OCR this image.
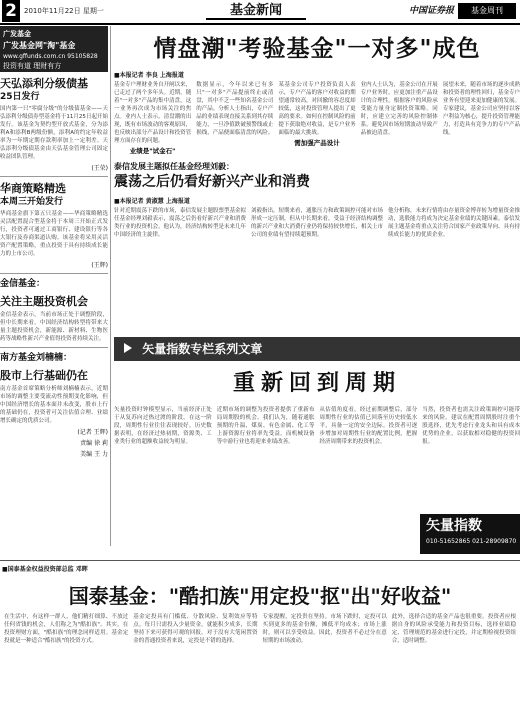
2	2010年11月22日 星期一	基金新闻	中国证券报	基金周刊
广发基金
广发基金网"淘"基金
www.gffunds.com.cn 95105828
投资有道 理财有方
天弘添利分级债基
25日发行
国内第一只"零腐分级"的分级债基金——天弘添利分级债券型基金将于11月25日起开始发行。该基金为契约型开放式基金，分为添利A和添利B两级份额，添利A的约定年收益率为一年期定期存款利率加上一定利差。天弘添利分级债基金由天弘基金管理公司固定收益团队管理。
(王荣)
华商策略精选
本周三开始发行
华商基金旗下第五只基金——华商策略精选灵活配置混合型基金将于本周三开始正式发行，投资者可通过工商银行、建设银行等各大银行及券商渠道认购。该基金将采用灵活资产配置策略，重点投资于具有持续成长能力的上市公司。
(王辉)
金信基金：
关注主题投资机会
金信基金表示，当前市场正处于调整阶段，但中长期来看，中国经济结构转型将带来大量主题投资机会，新能源、新材料、生物医药等战略性新兴产业值得投资者持续关注。
南方基金刘楠楠：
股市上行基础仍在
南方基金首席策略分析师刘楠楠表示，近期市场的调整主要受流动性预期变化影响，但中国经济增长的基本面并未改变，股市上行的基础仍在，投资者可关注估值合理、业绩增长确定的优质公司。
(记者 王辉)
责编 徐 莉
美编 王 力
情盘潮"考验基金"一对多"成色
■本报记者 李良 上海报道
基金专户理财业务自开闸以来，已走过了两个多年头。近期，随着"一对多"产品的集中清盘，这一业务再次成为市场关注的焦点。业内人士表示，清盘潮的出现，既有市场波动的客观原因，也反映出部分产品设计和投资管理方面存在的问题。
业绩是"试金石"
数据显示，今年以来已有多只"一对多"产品提前终止或清盘，其中不乏一些知名基金公司的产品。分析人士指出，专户产品的业绩表现直接关系到其存续能力，一旦净值跌破预警线或止损线，产品便面临清盘的风险。
某基金公司专户投资负责人表示，专户产品的客户对收益的期望通常较高，对回撤的容忍度却较低，这对投资管理人提出了更高的要求。如何在控制风险的前提下获取绝对收益，是专户业务面临的最大挑战。
需加强产品设计
业内人士认为，基金公司在开展专户业务时，应更加注重产品设计的合理性，根据客户的风险承受能力量身定制投资策略。同时，应建立完善的风险控制体系，避免因市场短期波动导致产品被迫清盘。
展望未来，随着市场的逐步成熟和投资者的理性回归，基金专户业务有望迎来更加健康的发展。专家建议，基金公司应坚持以客户利益为核心，提升投资管理能力，打造具有竞争力的专户产品线。
泰信发展主题拟任基金经理刘毅：
震荡之后仍看好新兴产业和消费
■本报记者 黄淑慧 上海报道
针对近期震荡下跌的市场，泰信发展主题股票型基金拟任基金经理刘毅表示，震荡之后仍看好新兴产业和消费类行业的投资机会。他认为，经济结构转型是未来几年中国经济的主旋律。
刘毅指出，短期来看，通胀压力和政策调控可能对市场形成一定压制，但从中长期来看，受益于经济结构调整的新兴产业和大消费行业仍将保持较快增长，相关上市公司的业绩有望持续超预期。
他分析称，未来行情将由存量资金博弈转为增量资金推动，选股能力将成为决定基金业绩的关键因素。泰信发展主题基金将重点关注符合国家产业政策导向、具有持续成长能力的优质企业。
矢量指数专栏系列文章
重新回到周期
矢量投资时钟模型显示，当前经济正处于从复苏向过热过渡的阶段。在这一阶段，周期性行业往往表现较好。历史数据表明，在经济过热初期，资源类、工业类行业的超额收益较为明显。
近期市场的调整为投资者提供了重新布局周期股的机会。我们认为，随着通胀预期的升温，煤炭、有色金属、化工等上游资源行业将率先受益，而机械设备等中游行业也将迎来业绩改善。
从估值角度看，经过前期调整后，部分周期性行业的估值已回落至历史较低水平，具备一定的安全边际。投资者可逐步增加对周期性行业的配置比例，把握经济周期带来的投资机会。
当然，投资者也需关注政策调控可能带来的风险。建议在配置周期股时注重个股选择，优先考虑行业龙头和具有成本优势的企业，以获取相对稳健的投资回报。
矢量指数
010-51652865 021-28909870
■国泰基金权益投资部总监 邓晖
国泰基金："酷扣族"用定投"抠"出"好收益"
在生活中，有这样一群人，他们精打细算、不放过任何省钱的机会，人们称之为"酷扣族"。其实，在投资理财方面，"酷扣族"的理念同样适用。基金定投就是一种适合"酷扣族"的投资方式。
基金定投具有门槛低、分散风险、复利效应等特点。每月只需投入少量资金，就能积少成多，长期坚持下来可获得可观的回报。对于没有大笔闲置资金的普通投资者来说，定投是不错的选择。
专家提醒，定投贵在坚持。市场下跌时，定投可以买到更多的基金份额，摊低平均成本；市场上涨时，则可以享受收益。因此，投资者不必过分在意短期的市场波动。
此外，选择合适的基金产品也很重要。投资者应根据自身的风险承受能力和投资目标，选择业绩稳定、管理规范的基金进行定投，并定期检视投资组合，适时调整。
